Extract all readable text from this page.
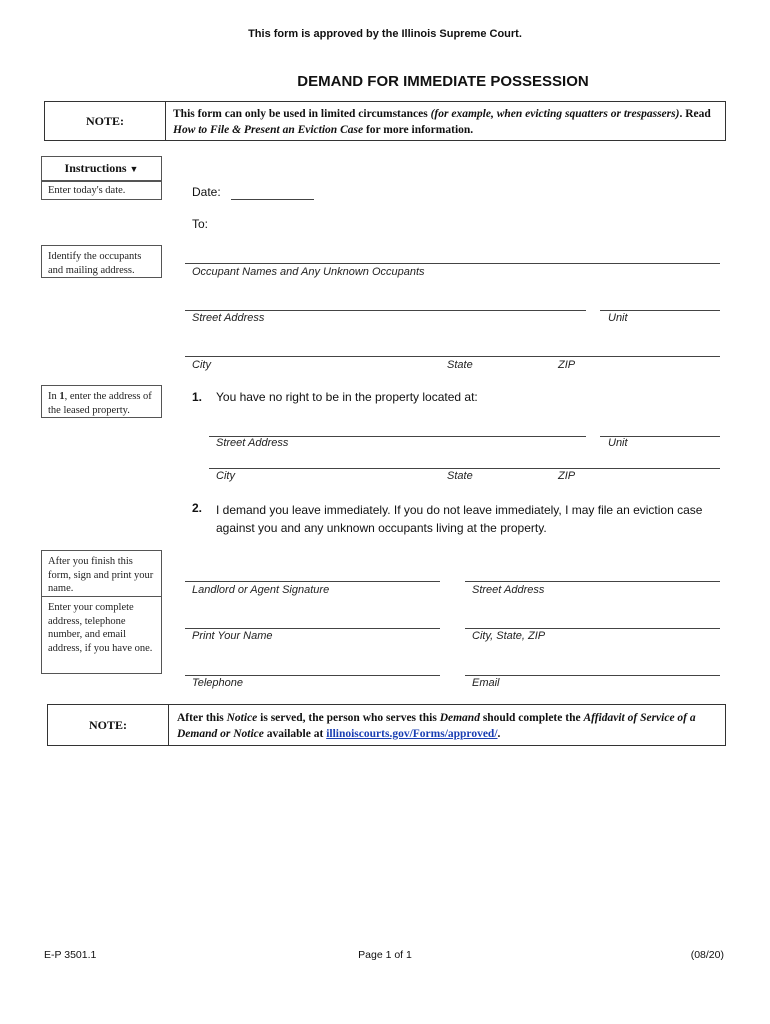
This form is approved by the Illinois Supreme Court.
DEMAND FOR IMMEDIATE POSSESSION
NOTE:	This form can only be used in limited circumstances (for example, when evicting squatters or trespassers). Read How to File & Present an Eviction Case for more information.
Instructions ▼
Enter today's date.
Identify the occupants and mailing address.
In 1, enter the address of the leased property.
After you finish this form, sign and print your name.
Enter your complete address, telephone number, and email address, if you have one.
Date:
To:
Occupant Names and Any Unknown Occupants
Street Address	Unit
City	State	ZIP
1. You have no right to be in the property located at:
Street Address	Unit
City	State	ZIP
2. I demand you leave immediately. If you do not leave immediately, I may file an eviction case against you and any unknown occupants living at the property.
Landlord or Agent Signature	Street Address
Print Your Name	City, State, ZIP
Telephone	Email
NOTE:	After this Notice is served, the person who serves this Demand should complete the Affidavit of Service of a Demand or Notice available at illinoiscourts.gov/Forms/approved/.
E-P 3501.1	Page 1 of 1	(08/20)
